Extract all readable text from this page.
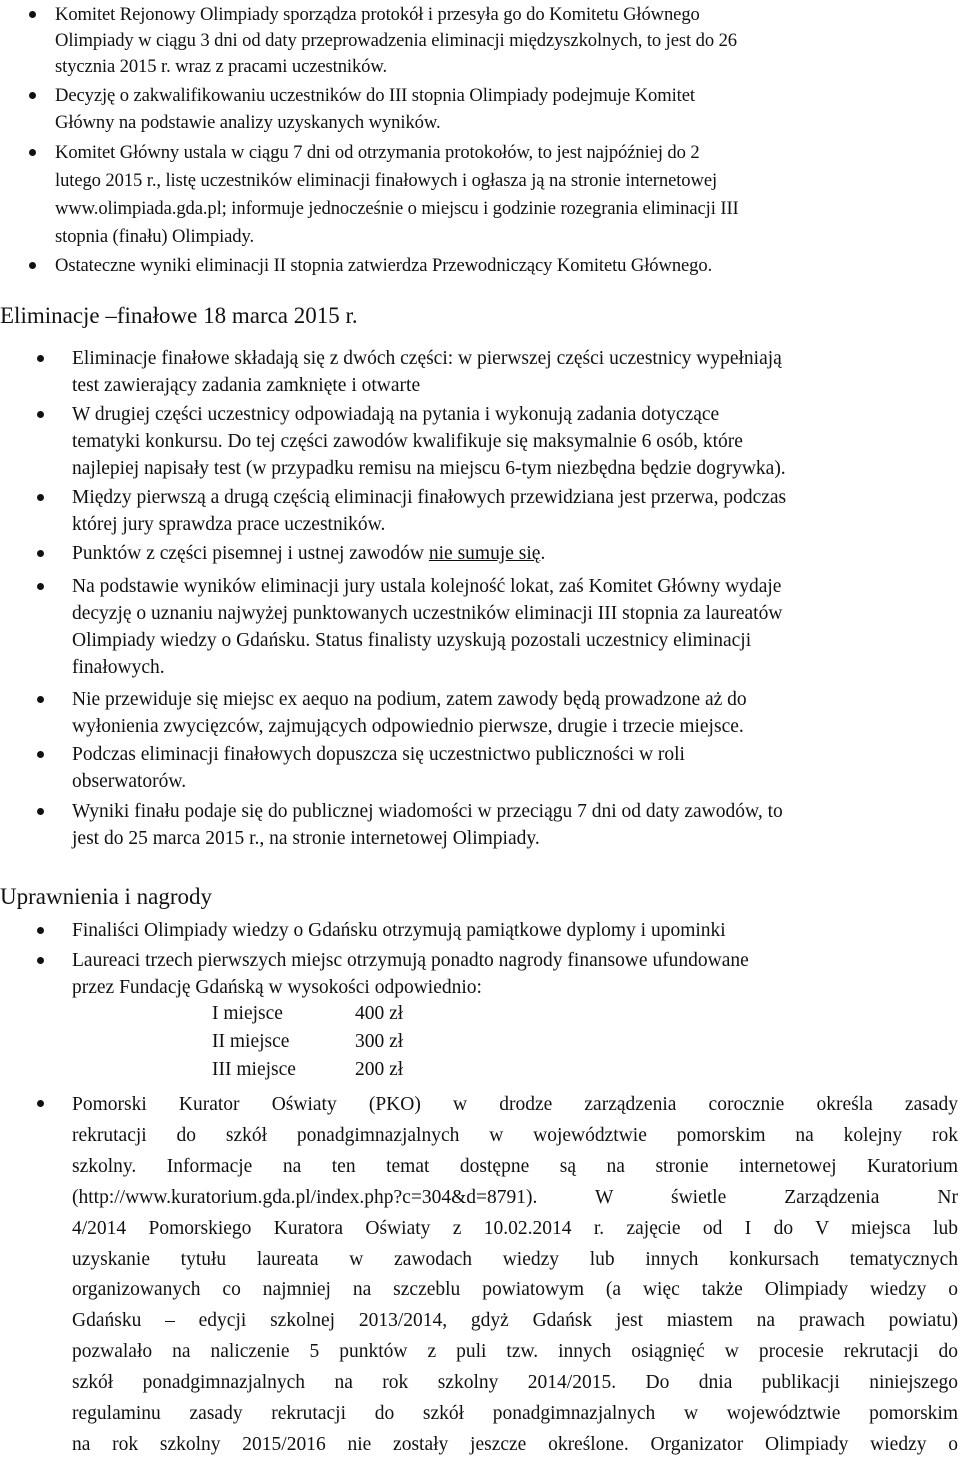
Komitet Rejonowy Olimpiady sporządza protokół i przesyła go do Komitetu Głównego
Olimpiady w ciągu 3 dni od daty przeprowadzenia eliminacji międzyszkolnych, to jest do 26
stycznia 2015 r. wraz z pracami uczestników.
Decyzję o zakwalifikowaniu uczestników do III stopnia Olimpiady podejmuje Komitet
Główny na podstawie analizy uzyskanych wyników.
Komitet Główny ustala w ciągu 7 dni od otrzymania protokołów, to jest najpóźniej do 2
lutego 2015 r., listę uczestników eliminacji finałowych i ogłasza ją na stronie internetowej
www.olimpiada.gda.pl; informuje jednocześnie o miejscu i godzinie rozegrania eliminacji III
stopnia (finału) Olimpiady.
Ostateczne wyniki eliminacji II stopnia zatwierdza Przewodniczący Komitetu Głównego.
Eliminacje –finałowe 18 marca 2015 r.
Eliminacje finałowe składają się z dwóch części: w pierwszej części uczestnicy wypełniają
test zawierający zadania zamknięte i otwarte
W drugiej części uczestnicy odpowiadają na pytania i wykonują zadania dotyczące
tematyki konkursu. Do tej części zawodów kwalifikuje się maksymalnie 6 osób, które
najlepiej napisały test (w przypadku remisu na miejscu 6-tym niezbędna będzie dogrywka).
Między pierwszą a drugą częścią eliminacji finałowych przewidziana jest przerwa, podczas
której jury sprawdza prace uczestników.
Punktów z części pisemnej i ustnej zawodów nie sumuje się.
Na podstawie wyników eliminacji jury ustala kolejność lokat, zaś Komitet Główny wydaje
decyzję o uznaniu najwyżej punktowanych uczestników eliminacji III stopnia za laureatów
Olimpiady wiedzy o Gdańsku. Status finalisty uzyskują pozostali uczestnicy eliminacji
finałowych.
Nie przewiduje się miejsc ex aequo na podium, zatem zawody będą prowadzone aż do
wyłonienia zwycięzców, zajmujących odpowiednio pierwsze, drugie i trzecie miejsce.
Podczas eliminacji finałowych dopuszcza się uczestnictwo publiczności w roli
obserwatorów.
Wyniki finału podaje się do publicznej wiadomości w przeciągu 7 dni od daty zawodów, to
jest do 25 marca 2015 r., na stronie internetowej Olimpiady.
Uprawnienia i nagrody
Finaliści Olimpiady wiedzy o Gdańsku otrzymują pamiątkowe dyplomy i upominki
Laureaci trzech pierwszych miejsc otrzymują ponadto nagrody finansowe ufundowane
przez Fundację Gdańską w wysokości odpowiednio:
I miejsce	400 zł
II miejsce	300 zł
III miejsce	200 zł
Pomorski Kurator Oświaty (PKO) w drodze zarządzenia corocznie określa zasady
rekrutacji do szkół ponadgimnazjalnych w województwie pomorskim na kolejny rok
szkolny. Informacje na ten temat dostępne są na stronie internetowej Kuratorium
(http://www.kuratorium.gda.pl/index.php?c=304&d=8791). W świetle Zarządzenia Nr
4/2014 Pomorskiego Kuratora Oświaty z 10.02.2014 r. zajęcie od I do V miejsca lub
uzyskanie tytułu laureata w zawodach wiedzy lub innych konkursach tematycznych
organizowanych co najmniej na szczeblu powiatowym (a więc także Olimpiady wiedzy o
Gdańsku – edycji szkolnej 2013/2014, gdyż Gdańsk jest miastem na prawach powiatu)
pozwalało na naliczenie 5 punktów z puli tzw. innych osiągnięć w procesie rekrutacji do
szkół ponadgimnazjalnych na rok szkolny 2014/2015. Do dnia publikacji niniejszego
regulaminu zasady rekrutacji do szkół ponadgimnazjalnych w województwie pomorskim
na rok szkolny 2015/2016 nie zostały jeszcze określone. Organizator Olimpiady wiedzy o
